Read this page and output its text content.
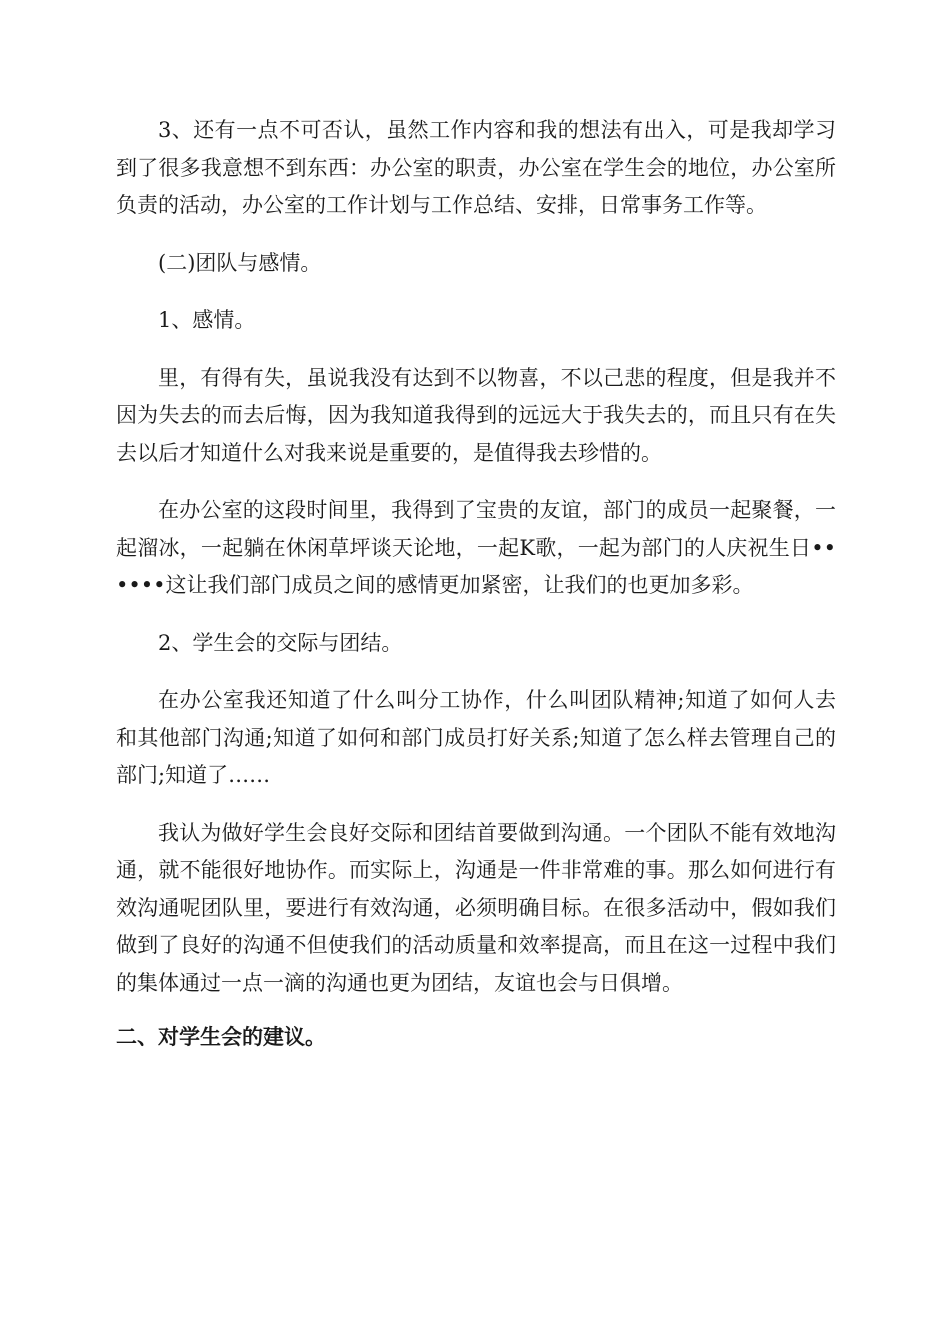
3、还有一点不可否认，虽然工作内容和我的想法有出入，可是我却学习到了很多我意想不到东西：办公室的职责，办公室在学生会的地位，办公室所负责的活动，办公室的工作计划与工作总结、安排，日常事务工作等。

(二)团队与感情。

1、感情。

里，有得有失，虽说我没有达到不以物喜，不以己悲的程度，但是我并不因为失去的而去后悔，因为我知道我得到的远远大于我失去的，而且只有在失去以后才知道什么对我来说是重要的，是值得我去珍惜的。

在办公室的这段时间里，我得到了宝贵的友谊，部门的成员一起聚餐，一起溜冰，一起躺在休闲草坪谈天论地，一起K歌，一起为部门的人庆祝生日••••••这让我们部门成员之间的感情更加紧密，让我们的也更加多彩。

2、学生会的交际与团结。

在办公室我还知道了什么叫分工协作，什么叫团队精神;知道了如何人去和其他部门沟通;知道了如何和部门成员打好关系;知道了怎么样去管理自己的部门;知道了……

我认为做好学生会良好交际和团结首要做到沟通。一个团队不能有效地沟通，就不能很好地协作。而实际上，沟通是一件非常难的事。那么如何进行有效沟通呢团队里，要进行有效沟通，必须明确目标。在很多活动中，假如我们做到了良好的沟通不但使我们的活动质量和效率提高，而且在这一过程中我们的集体通过一点一滴的沟通也更为团结，友谊也会与日俱增。

二、对学生会的建议。
